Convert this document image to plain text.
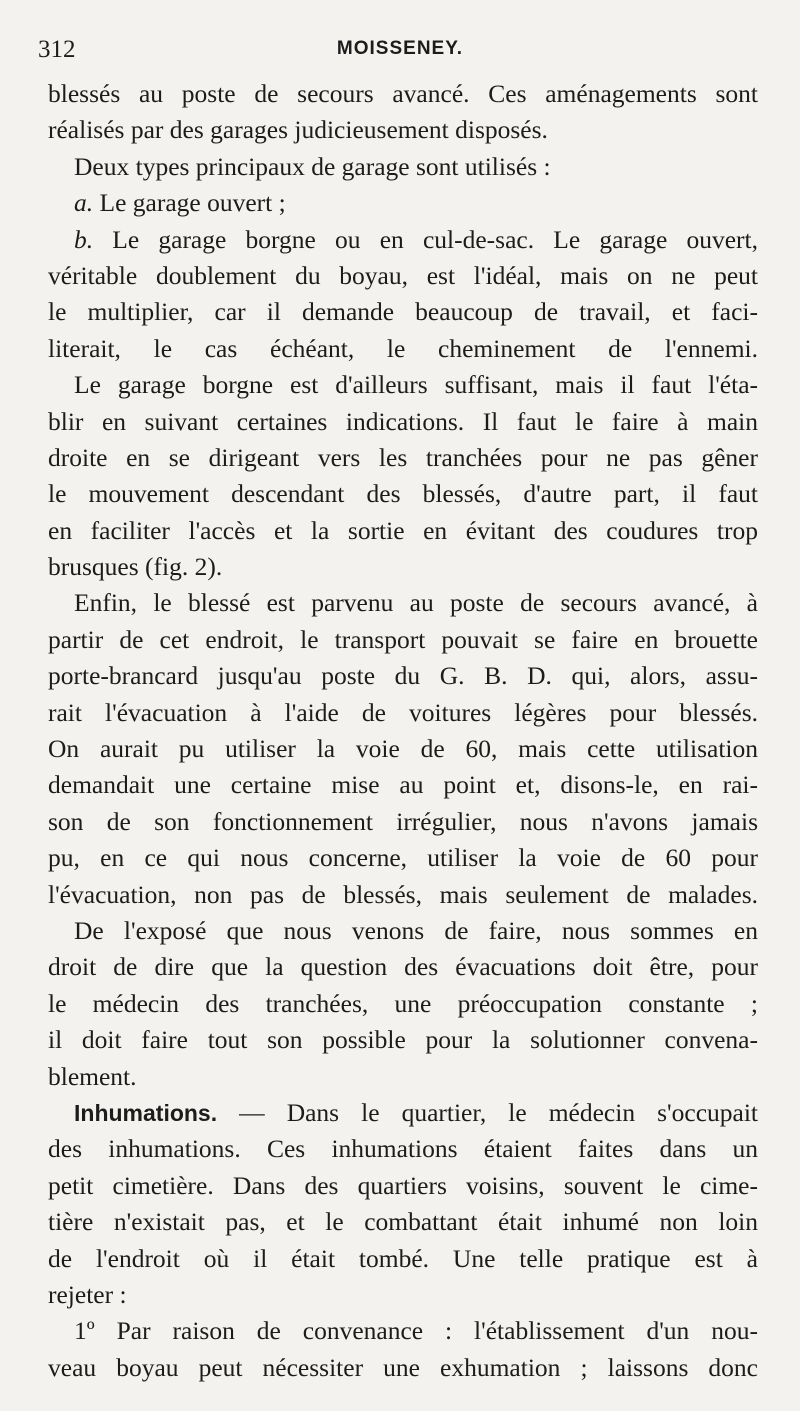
312	MOISSENEY.
blessés au poste de secours avancé. Ces aménagements sont
réalisés par des garages judicieusement disposés.
Deux types principaux de garage sont utilisés :
a. Le garage ouvert ;
b. Le garage borgne ou en cul-de-sac. Le garage ouvert,
véritable doublement du boyau, est l'idéal, mais on ne peut
le multiplier, car il demande beaucoup de travail, et faci-
literait, le cas échéant, le cheminement de l'ennemi.
Le garage borgne est d'ailleurs suffisant, mais il faut l'éta-
blir en suivant certaines indications. Il faut le faire à main
droite en se dirigeant vers les tranchées pour ne pas gêner
le mouvement descendant des blessés, d'autre part, il faut
en faciliter l'accès et la sortie en évitant des coudures trop
brusques (fig. 2).
Enfin, le blessé est parvenu au poste de secours avancé, à
partir de cet endroit, le transport pouvait se faire en brouette
porte-brancard jusqu'au poste du G. B. D. qui, alors, assu-
rait l'évacuation à l'aide de voitures légères pour blessés.
On aurait pu utiliser la voie de 60, mais cette utilisation
demandait une certaine mise au point et, disons-le, en rai-
son de son fonctionnement irrégulier, nous n'avons jamais
pu, en ce qui nous concerne, utiliser la voie de 60 pour
l'évacuation, non pas de blessés, mais seulement de malades.
De l'exposé que nous venons de faire, nous sommes en
droit de dire que la question des évacuations doit être, pour
le médecin des tranchées, une préoccupation constante ;
il doit faire tout son possible pour la solutionner convena-
blement.
Inhumations. — Dans le quartier, le médecin s'occupait
des inhumations. Ces inhumations étaient faites dans un
petit cimetière. Dans des quartiers voisins, souvent le cime-
tière n'existait pas, et le combattant était inhumé non loin
de l'endroit où il était tombé. Une telle pratique est à
rejeter :
1º Par raison de convenance : l'établissement d'un nou-
veau boyau peut nécessiter une exhumation ; laissons donc
